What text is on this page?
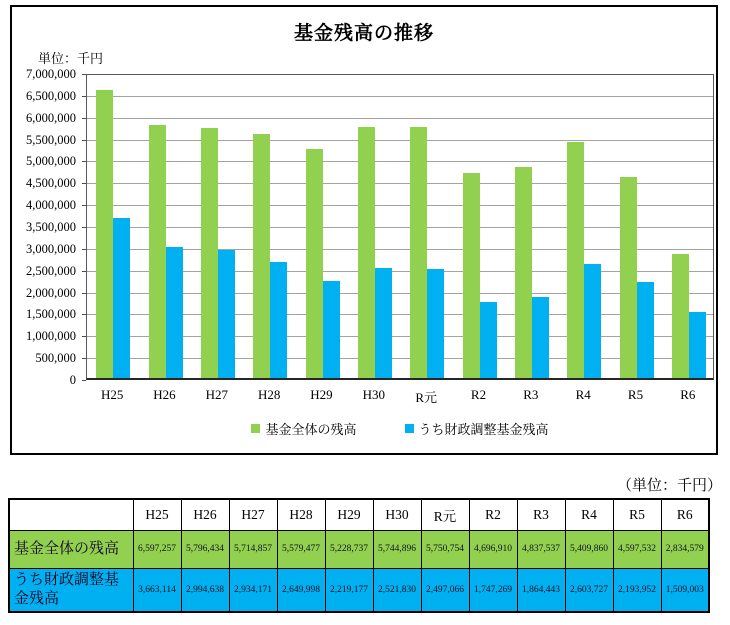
基金残高の推移
単位：千円
7,000,000
6,500,000
6,000,000
5,500,000
5,000,000
4,500,000
4,000,000
3,500,000
3,000,000
2,500,000
2,000,000
1,500,000
1,000,000
500,000
0
H25	H26	H27	H28	H29	H30	R元	R2	R3	R4	R5	R6
基金全体の残高	うち財政調整基金残高
（単位：千円）
	H25	H26	H27	H28	H29	H30	R元	R2	R3	R4	R5	R6
基金全体の残高	6,597,257	5,796,434	5,714,857	5,579,477	5,228,737	5,744,896	5,750,754	4,696,910	4,837,537	5,409,860	4,597,532	2,834,579
うち財政調整基金残高	3,663,114	2,994,638	2,934,171	2,649,998	2,219,177	2,521,830	2,497,066	1,747,269	1,864,443	2,603,727	2,193,952	1,509,003
